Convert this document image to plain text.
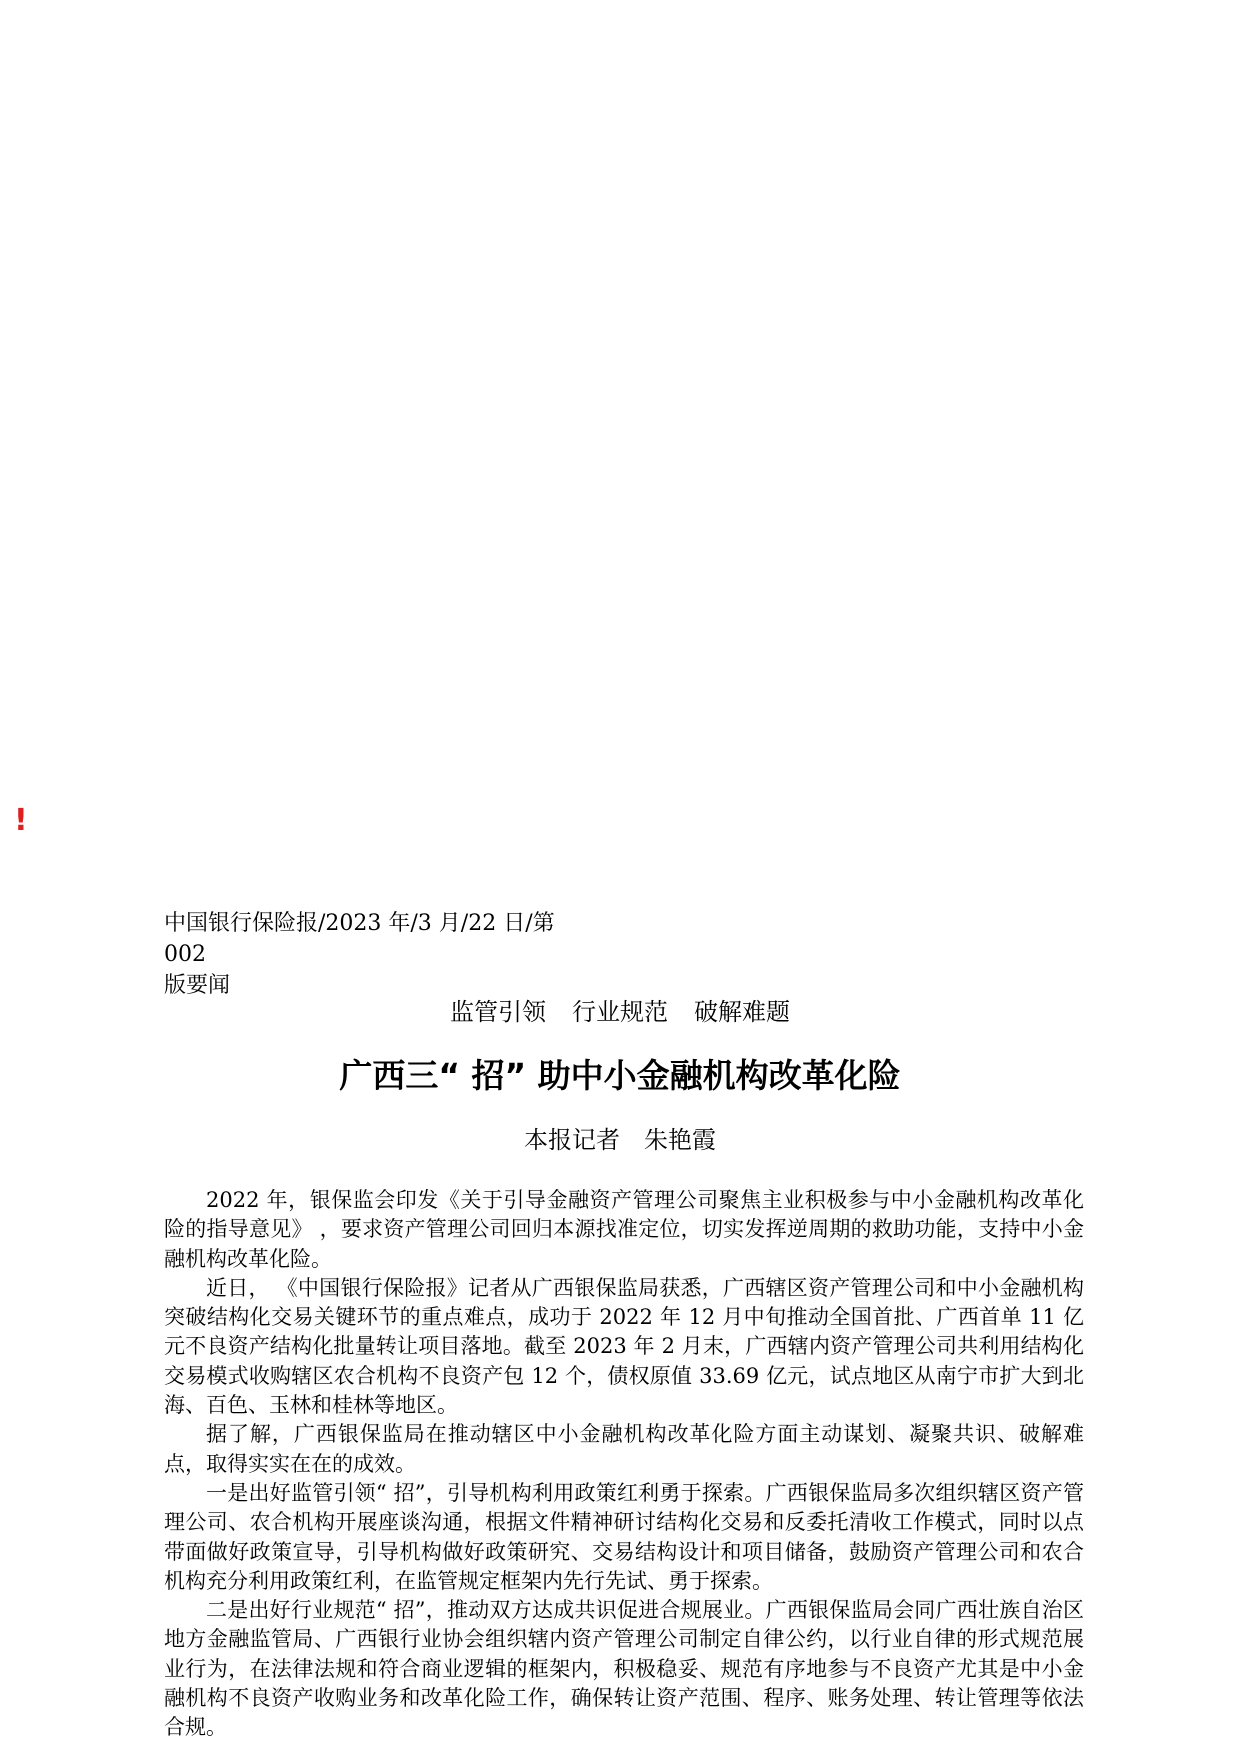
!
中国银行保险报/2023 年/3 月/22 日/第 002
版要闻
监管引领 行业规范 破解难题
广西三“ 招” 助中小金融机构改革化险
本报记者 朱艳霞

2022 年，银保监会印发《关于引导金融资产管理公司聚焦主业积极参与中小金融机构改革化险的指导意见》 ，要求资产管理公司回归本源找准定位，切实发挥逆周期的救助功能，支持中小金融机构改革化险。

近日， 《中国银行保险报》记者从广西银保监局获悉，广西辖区资产管理公司和中小金融机构突破结构化交易关键环节的重点难点，成功于 2022 年 12 月中旬推动全国首批、广西首单 11 亿元不良资产结构化批量转让项目落地。截至 2023 年 2 月末，广西辖内资产管理公司共利用结构化交易模式收购辖区农合机构不良资产包 12 个，债权原值 33.69 亿元，试点地区从南宁市扩大到北海、百色、玉林和桂林等地区。

据了解，广西银保监局在推动辖区中小金融机构改革化险方面主动谋划、凝聚共识、破解难点，取得实实在在的成效。

一是出好监管引领“ 招”，引导机构利用政策红利勇于探索。广西银保监局多次组织辖区资产管理公司、农合机构开展座谈沟通，根据文件精神研讨结构化交易和反委托清收工作模式，同时以点带面做好政策宣导，引导机构做好政策研究、交易结构设计和项目储备，鼓励资产管理公司和农合机构充分利用政策红利，在监管规定框架内先行先试、勇于探索。

二是出好行业规范“ 招”，推动双方达成共识促进合规展业。广西银保监局会同广西壮族自治区地方金融监管局、广西银行业协会组织辖内资产管理公司制定自律公约，以行业自律的形式规范展业行为，在法律法规和符合商业逻辑的框架内，积极稳妥、规范有序地参与不良资产尤其是中小金融机构不良资产收购业务和改革化险工作，确保转让资产范围、程序、账务处理、转让管理等依法合规。
